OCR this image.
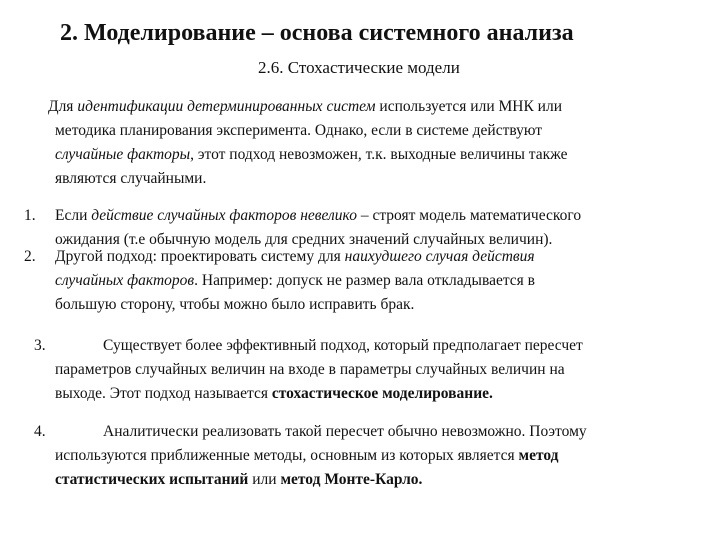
2. Моделирование – основа системного анализа
2.6. Стохастические модели
Для идентификации детерминированных систем используется или МНК или
методика планирования эксперимента. Однако, если в системе действуют
случайные факторы, этот подход невозможен, т.к. выходные величины также
являются случайными.
1. Если действие случайных факторов невелико – строят модель математического
ожидания (т.е обычную модель для средних значений случайных величин).
2. Другой подход: проектировать систему для наихудшего случая действия
случайных факторов. Например: допуск не размер вала откладывается в
большую сторону, чтобы можно было исправить брак.
3.	Существует более эффективный подход, который предполагает пересчет
параметров случайных величин на входе в параметры случайных величин на
выходе. Этот подход называется стохастическое моделирование.
4.	Аналитически реализовать такой пересчет обычно невозможно. Поэтому
используются приближенные методы, основным из которых является метод
статистических испытаний или метод Монте-Карло.
